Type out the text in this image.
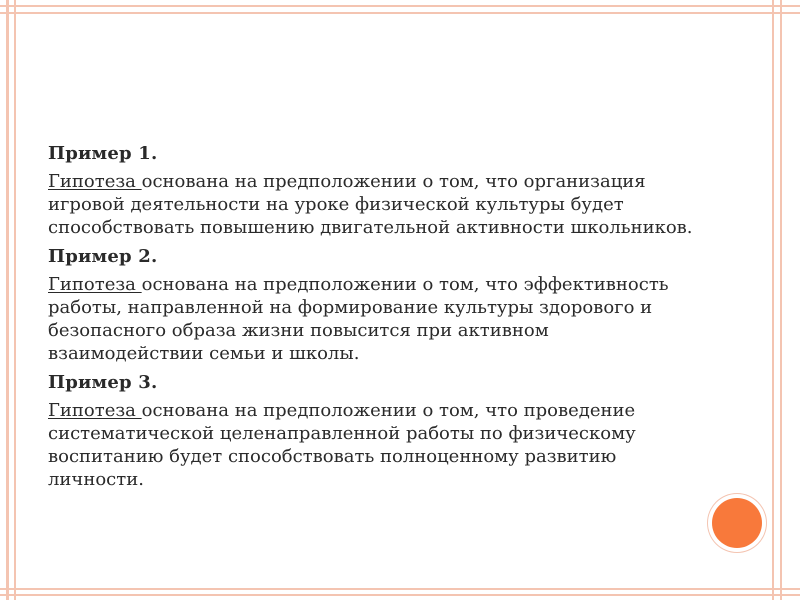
Пример 1.

Гипотеза основана на предположении о том, что организация игровой деятельности на уроке физической культуры будет способствовать повышению двигательной активности школьников.

Пример 2.

Гипотеза основана на предположении о том, что эффективность работы, направленной на формирование культуры здорового и безопасного образа жизни повысится при активном взаимодействии семьи и школы.

Пример 3.

Гипотеза основана на предположении о том, что проведение систематической целенаправленной работы по физическому воспитанию будет способствовать полноценному развитию личности.
